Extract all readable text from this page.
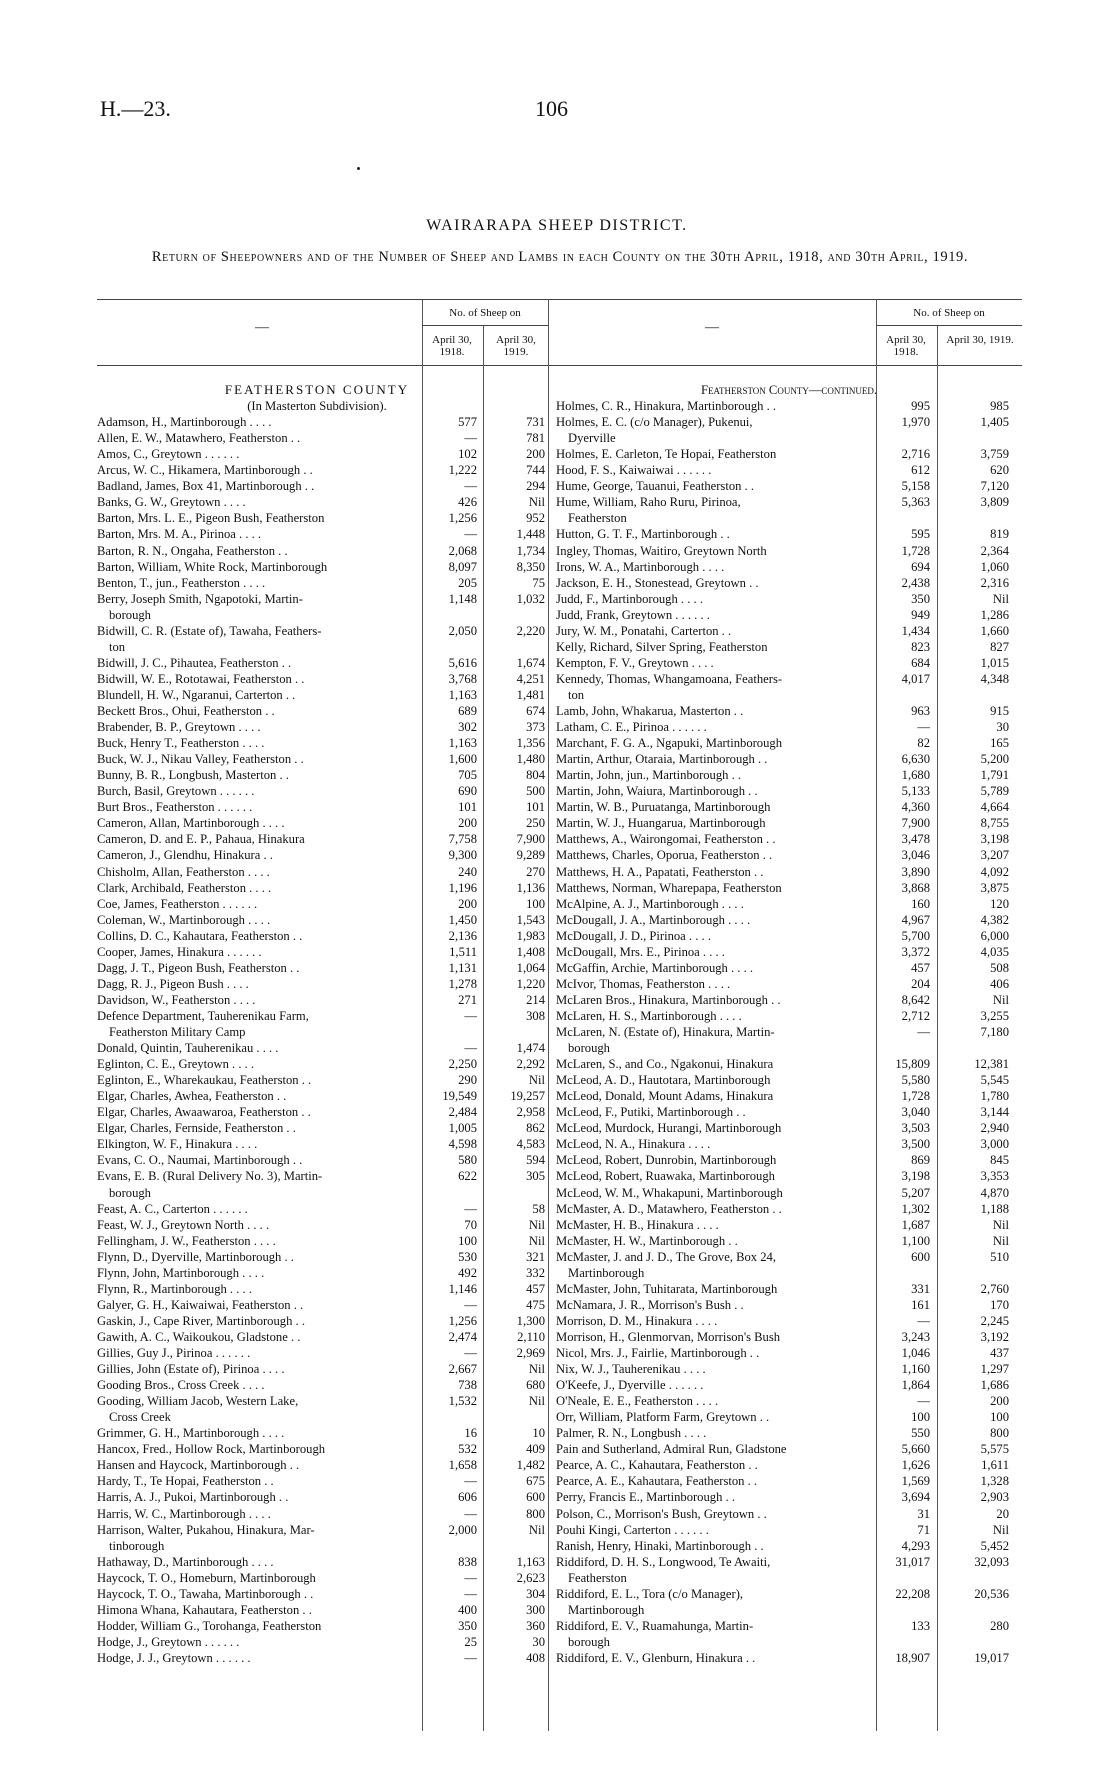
H.—23.	106
WAIRARAPA SHEEP DISTRICT.
Return of Sheepowners and of the Number of Sheep and Lambs in each County on the 30th April, 1918, and 30th April, 1919.
—
No. of Sheep on
April 30, 1918.
April 30, 1919.
—
No. of Sheep on
April 30, 1918.
April 30, 1919.
FEATHERSTON COUNTY
(In Masterton Subdivision).
Adamson, H., Martinborough . . . .	577	731
Allen, E. W., Matawhero, Featherston . .	—	781
Amos, C., Greytown . . . . . .	102	200
Arcus, W. C., Hikamera, Martinborough . .	1,222	744
Badland, James, Box 41, Martinborough . .	—	294
Banks, G. W., Greytown . . . .	426	Nil
Barton, Mrs. L. E., Pigeon Bush, Featherston	1,256	952
Barton, Mrs. M. A., Pirinoa . . . .	—	1,448
Barton, R. N., Ongaha, Featherston . .	2,068	1,734
Barton, William, White Rock, Martinborough	8,097	8,350
Benton, T., jun., Featherston . . . .	205	75
Berry, Joseph Smith, Ngapotoki, Martin-	1,148	1,032
borough
Bidwill, C. R. (Estate of), Tawaha, Feathers-	2,050	2,220
ton
Bidwill, J. C., Pihautea, Featherston . .	5,616	1,674
Bidwill, W. E., Rototawai, Featherston . .	3,768	4,251
Blundell, H. W., Ngaranui, Carterton . .	1,163	1,481
Beckett Bros., Ohui, Featherston . .	689	674
Brabender, B. P., Greytown . . . .	302	373
Buck, Henry T., Featherston . . . .	1,163	1,356
Buck, W. J., Nikau Valley, Featherston . .	1,600	1,480
Bunny, B. R., Longbush, Masterton . .	705	804
Burch, Basil, Greytown . . . . . .	690	500
Burt Bros., Featherston . . . . . .	101	101
Cameron, Allan, Martinborough . . . .	200	250
Cameron, D. and E. P., Pahaua, Hinakura	7,758	7,900
Cameron, J., Glendhu, Hinakura . .	9,300	9,289
Chisholm, Allan, Featherston . . . .	240	270
Clark, Archibald, Featherston . . . .	1,196	1,136
Coe, James, Featherston . . . . . .	200	100
Coleman, W., Martinborough . . . .	1,450	1,543
Collins, D. C., Kahautara, Featherston . .	2,136	1,983
Cooper, James, Hinakura . . . . . .	1,511	1,408
Dagg, J. T., Pigeon Bush, Featherston . .	1,131	1,064
Dagg, R. J., Pigeon Bush . . . .	1,278	1,220
Davidson, W., Featherston . . . .	271	214
Defence Department, Tauherenikau Farm,	—	308
Featherston Military Camp
Donald, Quintin, Tauherenikau . . . .	—	1,474
Eglinton, C. E., Greytown . . . .	2,250	2,292
Eglinton, E., Wharekaukau, Featherston . .	290	Nil
Elgar, Charles, Awhea, Featherston . .	19,549	19,257
Elgar, Charles, Awaawaroa, Featherston . .	2,484	2,958
Elgar, Charles, Fernside, Featherston . .	1,005	862
Elkington, W. F., Hinakura . . . .	4,598	4,583
Evans, C. O., Naumai, Martinborough . .	580	594
Evans, E. B. (Rural Delivery No. 3), Martin-	622	305
borough
Feast, A. C., Carterton . . . . . .	—	58
Feast, W. J., Greytown North . . . .	70	Nil
Fellingham, J. W., Featherston . . . .	100	Nil
Flynn, D., Dyerville, Martinborough . .	530	321
Flynn, John, Martinborough . . . .	492	332
Flynn, R., Martinborough . . . .	1,146	457
Galyer, G. H., Kaiwaiwai, Featherston . .	—	475
Gaskin, J., Cape River, Martinborough . .	1,256	1,300
Gawith, A. C., Waikoukou, Gladstone . .	2,474	2,110
Gillies, Guy J., Pirinoa . . . . . .	—	2,969
Gillies, John (Estate of), Pirinoa . . . .	2,667	Nil
Gooding Bros., Cross Creek . . . .	738	680
Gooding, William Jacob, Western Lake,	1,532	Nil
Cross Creek
Grimmer, G. H., Martinborough . . . .	16	10
Hancox, Fred., Hollow Rock, Martinborough	532	409
Hansen and Haycock, Martinborough . .	1,658	1,482
Hardy, T., Te Hopai, Featherston . .	—	675
Harris, A. J., Pukoi, Martinborough . .	606	600
Harris, W. C., Martinborough . . . .	—	800
Harrison, Walter, Pukahou, Hinakura, Mar-	2,000	Nil
tinborough
Hathaway, D., Martinborough . . . .	838	1,163
Haycock, T. O., Homeburn, Martinborough	—	2,623
Haycock, T. O., Tawaha, Martinborough . .	—	304
Himona Whana, Kahautara, Featherston . .	400	300
Hodder, William G., Torohanga, Featherston	350	360
Hodge, J., Greytown . . . . . .	25	30
Hodge, J. J., Greytown . . . . . .	—	408
Featherston County—continued.
Holmes, C. R., Hinakura, Martinborough . .	995	985
Holmes, E. C. (c/o Manager), Pukenui,	1,970	1,405
Dyerville
Holmes, E. Carleton, Te Hopai, Featherston	2,716	3,759
Hood, F. S., Kaiwaiwai . . . . . .	612	620
Hume, George, Tauanui, Featherston . .	5,158	7,120
Hume, William, Raho Ruru, Pirinoa,	5,363	3,809
Featherston
Hutton, G. T. F., Martinborough . .	595	819
Ingley, Thomas, Waitiro, Greytown North	1,728	2,364
Irons, W. A., Martinborough . . . .	694	1,060
Jackson, E. H., Stonestead, Greytown . .	2,438	2,316
Judd, F., Martinborough . . . .	350	Nil
Judd, Frank, Greytown . . . . . .	949	1,286
Jury, W. M., Ponatahi, Carterton . .	1,434	1,660
Kelly, Richard, Silver Spring, Featherston	823	827
Kempton, F. V., Greytown . . . .	684	1,015
Kennedy, Thomas, Whangamoana, Feathers-	4,017	4,348
ton
Lamb, John, Whakarua, Masterton . .	963	915
Latham, C. E., Pirinoa . . . . . .	—	30
Marchant, F. G. A., Ngapuki, Martinborough	82	165
Martin, Arthur, Otaraia, Martinborough . .	6,630	5,200
Martin, John, jun., Martinborough . .	1,680	1,791
Martin, John, Waiura, Martinborough . .	5,133	5,789
Martin, W. B., Puruatanga, Martinborough	4,360	4,664
Martin, W. J., Huangarua, Martinborough	7,900	8,755
Matthews, A., Wairongomai, Featherston . .	3,478	3,198
Matthews, Charles, Oporua, Featherston . .	3,046	3,207
Matthews, H. A., Papatati, Featherston . .	3,890	4,092
Matthews, Norman, Wharepapa, Featherston	3,868	3,875
McAlpine, A. J., Martinborough . . . .	160	120
McDougall, J. A., Martinborough . . . .	4,967	4,382
McDougall, J. D., Pirinoa . . . .	5,700	6,000
McDougall, Mrs. E., Pirinoa . . . .	3,372	4,035
McGaffin, Archie, Martinborough . . . .	457	508
McIvor, Thomas, Featherston . . . .	204	406
McLaren Bros., Hinakura, Martinborough . .	8,642	Nil
McLaren, H. S., Martinborough . . . .	2,712	3,255
McLaren, N. (Estate of), Hinakura, Martin-	—	7,180
borough
McLaren, S., and Co., Ngakonui, Hinakura	15,809	12,381
McLeod, A. D., Hautotara, Martinborough	5,580	5,545
McLeod, Donald, Mount Adams, Hinakura	1,728	1,780
McLeod, F., Putiki, Martinborough . .	3,040	3,144
McLeod, Murdock, Hurangi, Martinborough	3,503	2,940
McLeod, N. A., Hinakura . . . .	3,500	3,000
McLeod, Robert, Dunrobin, Martinborough	869	845
McLeod, Robert, Ruawaka, Martinborough	3,198	3,353
McLeod, W. M., Whakapuni, Martinborough	5,207	4,870
McMaster, A. D., Matawhero, Featherston . .	1,302	1,188
McMaster, H. B., Hinakura . . . .	1,687	Nil
McMaster, H. W., Martinborough . .	1,100	Nil
McMaster, J. and J. D., The Grove, Box 24,	600	510
Martinborough
McMaster, John, Tuhitarata, Martinborough	331	2,760
McNamara, J. R., Morrison's Bush . .	161	170
Morrison, D. M., Hinakura . . . .	—	2,245
Morrison, H., Glenmorvan, Morrison's Bush	3,243	3,192
Nicol, Mrs. J., Fairlie, Martinborough . .	1,046	437
Nix, W. J., Tauherenikau . . . .	1,160	1,297
O'Keefe, J., Dyerville . . . . . .	1,864	1,686
O'Neale, E. E., Featherston . . . .	—	200
Orr, William, Platform Farm, Greytown . .	100	100
Palmer, R. N., Longbush . . . .	550	800
Pain and Sutherland, Admiral Run, Gladstone	5,660	5,575
Pearce, A. C., Kahautara, Featherston . .	1,626	1,611
Pearce, A. E., Kahautara, Featherston . .	1,569	1,328
Perry, Francis E., Martinborough . .	3,694	2,903
Polson, C., Morrison's Bush, Greytown . .	31	20
Pouhi Kingi, Carterton . . . . . .	71	Nil
Ranish, Henry, Hinaki, Martinborough . .	4,293	5,452
Riddiford, D. H. S., Longwood, Te Awaiti,	31,017	32,093
Featherston
Riddiford, E. L., Tora (c/o Manager),	22,208	20,536
Martinborough
Riddiford, E. V., Ruamahunga, Martin-	133	280
borough
Riddiford, E. V., Glenburn, Hinakura . .	18,907	19,017
